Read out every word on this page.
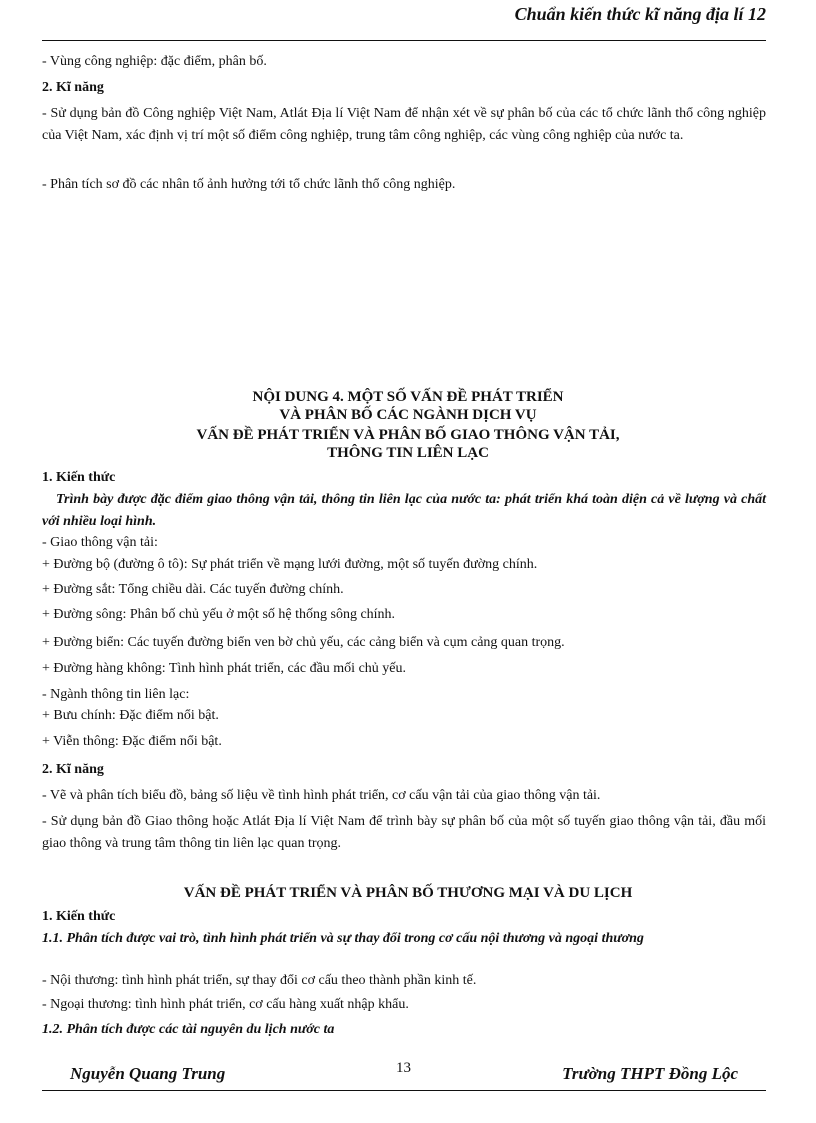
Chuẩn kiến thức kĩ năng địa lí 12
- Vùng công nghiệp: đặc điểm, phân bố.
2. Kĩ năng
- Sử dụng bản đồ Công nghiệp Việt Nam, Atlát Địa lí Việt Nam để nhận xét về sự phân bố của các tổ chức lãnh thổ công nghiệp của Việt Nam, xác định vị trí một số điểm công nghiệp, trung tâm công nghiệp, các vùng công nghiệp của nước ta.
- Phân tích sơ đồ các nhân tố ảnh hưởng tới tổ chức lãnh thổ công nghiệp.
NỘI DUNG 4. MỘT SỐ VẤN ĐỀ PHÁT TRIỂN
VÀ PHÂN BỐ CÁC NGÀNH DỊCH VỤ
VẤN ĐỀ PHÁT TRIỂN VÀ PHÂN BỐ GIAO THÔNG VẬN TẢI,
THÔNG TIN LIÊN LẠC
1. Kiến thức
Trình bày được đặc điểm giao thông vận tải, thông tin liên lạc của nước ta: phát triển khá toàn diện cả về lượng và chất với nhiều loại hình.
- Giao thông vận tải:
+ Đường bộ (đường ô tô): Sự phát triển về mạng lưới đường, một số tuyến đường chính.
+ Đường sắt: Tổng chiều dài. Các tuyến đường chính.
+ Đường sông: Phân bố chủ yếu ở một số hệ thống sông chính.
+ Đường biển: Các tuyến đường biển ven bờ chủ yếu, các cảng biển và cụm cảng quan trọng.
+ Đường hàng không: Tình hình phát triển, các đầu mối chủ yếu.
- Ngành thông tin liên lạc:
+ Bưu chính: Đặc điểm nổi bật.
+ Viễn thông: Đặc điểm nổi bật.
2. Kĩ năng
- Vẽ và phân tích biểu đồ, bảng số liệu về tình hình phát triển, cơ cấu vận tải của giao thông vận tải.
- Sử dụng bản đồ Giao thông hoặc Atlát Địa lí Việt Nam để trình bày sự phân bố của một số tuyến giao thông vận tải, đầu mối giao thông và trung tâm thông tin liên lạc quan trọng.
VẤN ĐỀ PHÁT TRIỂN VÀ PHÂN BỐ THƯƠNG MẠI VÀ DU LỊCH
1. Kiến thức
1.1. Phân tích được vai trò, tình hình phát triển và sự thay đổi trong cơ cấu nội thương và ngoại thương
- Nội thương: tình hình phát triển, sự thay đổi cơ cấu theo thành phần kinh tế.
- Ngoại thương: tình hình phát triển, cơ cấu hàng xuất nhập khẩu.
1.2. Phân tích được các tài nguyên du lịch nước ta
Nguyễn Quang Trung	13	Trường THPT Đồng Lộc
